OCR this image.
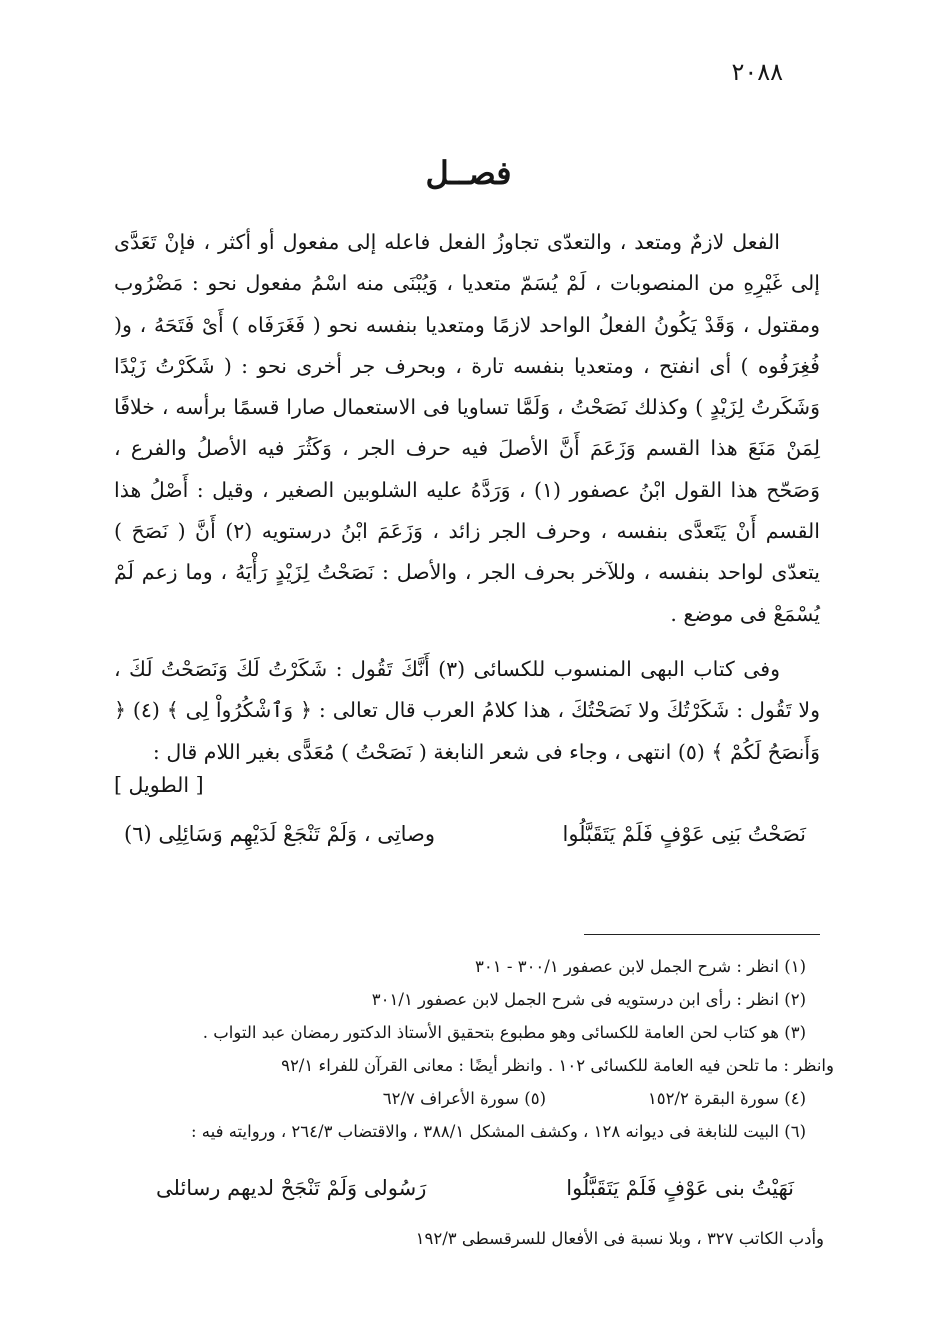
٢٠٨٨
فصــل

الفعل لازمٌ ومتعد ، والتعدّى تجاوزُ الفعل فاعله إلى مفعول أو أكثر ، فإنْ تَعَدَّى إلى غَيْرِهِ من المنصوبات ، لَمْ يُسَمّ متعديا ، وَيُبْنَى منه اسْمُ مفعول نحو : مَضْرُوب ومقتول ، وَقَدْ يَكُونُ الفعلُ الواحد لازمًا ومتعديا بنفسه نحو ( فَغَرَفَاه ) أَىْ فَتَحَهُ ، و( فُغِرَفُوه ) أى انفتح ، ومتعديا بنفسه تارة ، وبحرف جر أخرى نحو : ( شَكَرْتُ زَيْدًا وَشَكَرتُ لِزَيْدٍ ) وكذلك نَصَحْتُ ، وَلَمَّا تساويا فى الاستعمال صارا قسمًا برأسه ، خلافًا لِمَنْ مَنَعَ هذا القسم وَزَعَمَ أَنَّ الأصلَ فيه حرف الجر ، وَكَثُرَ فيه الأصلُ والفرع ، وَصَحّح هذا القول ابْنُ عصفور (١) ، وَرَدَّهُ عليه الشلوبين الصغير ، وقيل : أَصْلُ هذا القسم أَنْ يَتَعدَّى بنفسه ، وحرف الجر زائد ، وَزَعَمَ ابْنُ درستويه (٢) أَنَّ ( نَصَحَ ) يتعدّى لواحد بنفسه ، وللآخر بحرف الجر ، والأصل : نَصَحْتُ لِزَيْدٍ رَأْيَهُ ، وما زعم لَمْ يُسْمَعْ فى موضع .

وفى كتاب البهى المنسوب للكسائى (٣) أَنَّكَ تَقُول : شَكَرْتُ لَكَ وَنَصَحْتُ لَكَ ، ولا تَقُول : شَكَرْتُكَ ولا نَصَحْتُكَ ، هذا كلامُ العرب قال تعالى : ﴿ وَٱشْكُرُواْ لِى ﴾ (٤) ﴿ وَأَنصَحُ لَكُمْ ﴾ (٥) انتهى ، وجاء فى شعر النابغة ( نَصَحْتُ ) مُعَدًّى بغير اللام قال :

[ الطويل ]
نَصَحْتُ بَنِى عَوْفٍ فَلَمْ يَتَقَبَّلُوا
وصاتِى ، وَلَمْ تَنْجَعْ لَدَيْهِم وَسَائِلِى (٦)
(١) انظر : شرح الجمل لابن عصفور ٣٠٠/١ - ٣٠١
(٢) انظر : رأى ابن درستويه فى شرح الجمل لابن عصفور ٣٠١/١
(٣) هو كتاب لحن العامة للكسائى وهو مطبوع بتحقيق الأستاذ الدكتور رمضان عبد التواب .
وانظر : ما تلحن فيه العامة للكسائى ١٠٢ . وانظر أيضًا : معانى القرآن للفراء ٩٢/١
(٤) سورة البقرة ١٥٢/٢
(٥) سورة الأعراف ٦٢/٧
(٦) البيت للنابغة فى ديوانه ١٢٨ ، وكشف المشكل ٣٨٨/١ ، والاقتضاب ٢٦٤/٣ ، وروايته فيه :
نَهَيْتُ بنى عَوْفٍ فَلَمْ يَتَقَبَّلُوا
رَسُولى وَلَمْ تَنْجَحْ لديهم رسائلى
وأدب الكاتب ٣٢٧ ، وبلا نسبة فى الأفعال للسرقسطى ١٩٢/٣
